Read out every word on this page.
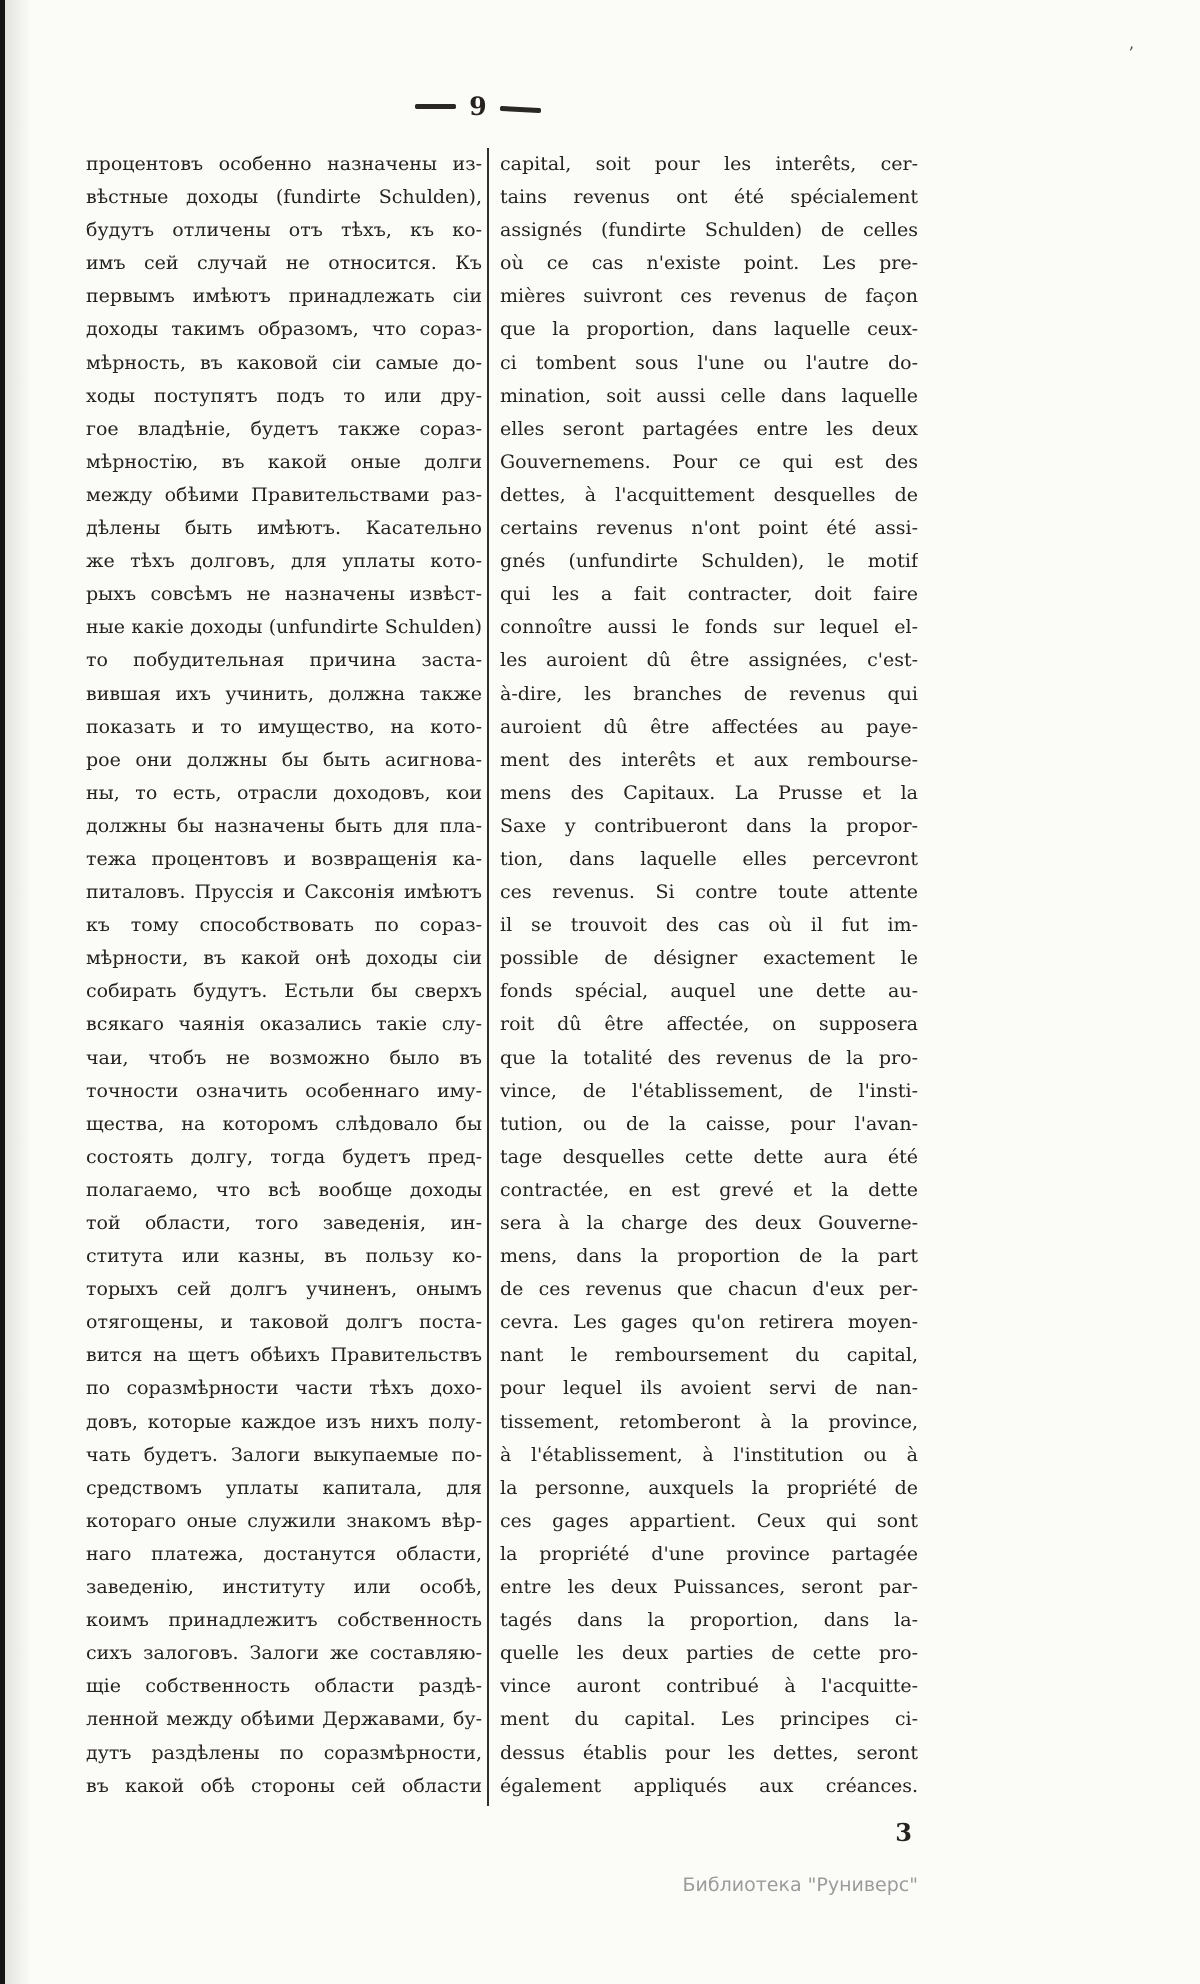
ʼ
9
процентовъ особенно назначены из-
вѣстные доходы (fundirte Schulden),
будутъ отличены отъ тѣхъ, къ ко-
имъ сей случай не относится. Къ
первымъ имѣютъ принадлежать сіи
доходы такимъ образомъ, что сораз-
мѣрность, въ каковой сіи самые до-
ходы поступятъ подъ то или дру-
гое владѣніе, будетъ также сораз-
мѣрностію, въ какой оные долги
между обѣими Правительствами раз-
дѣлены быть имѣютъ. Касательно
же тѣхъ долговъ, для уплаты кото-
рыхъ совсѣмъ не назначены извѣст-
ные какіе доходы (unfundirte Schulden)
то побудительная причина заста-
вившая ихъ учинить, должна также
показать и то имущество, на кото-
рое они должны бы быть асигнова-
ны, то есть, отрасли доходовъ, кои
должны бы назначены быть для пла-
тежа процентовъ и возвращенія ка-
питаловъ. Пруссія и Саксонія имѣютъ
къ тому способствовать по сораз-
мѣрности, въ какой онѣ доходы сіи
собирать будутъ. Естьли бы сверхъ
всякаго чаянія оказались такіе слу-
чаи, чтобъ не возможно было въ
точности означить особеннаго иму-
щества, на которомъ слѣдовало бы
состоять долгу, тогда будетъ пред-
полагаемо, что всѣ вообще доходы
той области, того заведенія, ин-
ститута или казны, въ пользу ко-
торыхъ сей долгъ учиненъ, онымъ
отягощены, и таковой долгъ поста-
вится на щетъ обѣихъ Правительствъ
по соразмѣрности части тѣхъ дохо-
довъ, которые каждое изъ нихъ полу-
чать будетъ. Залоги выкупаемые по-
средствомъ уплаты капитала, для
котораго оные служили знакомъ вѣр-
наго платежа, достанутся области,
заведенію, институту или особѣ,
коимъ принадлежитъ собственность
сихъ залоговъ. Залоги же составляю-
щіе собственность области раздѣ-
ленной между обѣими Державами, бу-
дутъ раздѣлены по соразмѣрности,
въ какой обѣ стороны сей области
capital, soit pour les interêts, cer-
tains revenus ont été spécialement
assignés (fundirte Schulden) de celles
où ce cas n'existe point. Les pre-
mières suivront ces revenus de façon
que la proportion, dans laquelle ceux-
ci tombent sous l'une ou l'autre do-
mination, soit aussi celle dans laquelle
elles seront partagées entre les deux
Gouvernemens. Pour ce qui est des
dettes, à l'acquittement desquelles de
certains revenus n'ont point été assi-
gnés (unfundirte Schulden), le motif
qui les a fait contracter, doit faire
connoître aussi le fonds sur lequel el-
les auroient dû être assignées, c'est-
à-dire, les branches de revenus qui
auroient dû être affectées au paye-
ment des interêts et aux rembourse-
mens des Capitaux. La Prusse et la
Saxe y contribueront dans la propor-
tion, dans laquelle elles percevront
ces revenus. Si contre toute attente
il se trouvoit des cas où il fut im-
possible de désigner exactement le
fonds spécial, auquel une dette au-
roit dû être affectée, on supposera
que la totalité des revenus de la pro-
vince, de l'établissement, de l'insti-
tution, ou de la caisse, pour l'avan-
tage desquelles cette dette aura été
contractée, en est grevé et la dette
sera à la charge des deux Gouverne-
mens, dans la proportion de la part
de ces revenus que chacun d'eux per-
cevra. Les gages qu'on retirera moyen-
nant le remboursement du capital,
pour lequel ils avoient servi de nan-
tissement, retomberont à la province,
à l'établissement, à l'institution ou à
la personne, auxquels la propriété de
ces gages appartient. Ceux qui sont
la propriété d'une province partagée
entre les deux Puissances, seront par-
tagés dans la proportion, dans la-
quelle les deux parties de cette pro-
vince auront contribué à l'acquitte-
ment du capital. Les principes ci-
dessus établis pour les dettes, seront
également appliqués aux créances.
3
Библиотека "Руниверс"
